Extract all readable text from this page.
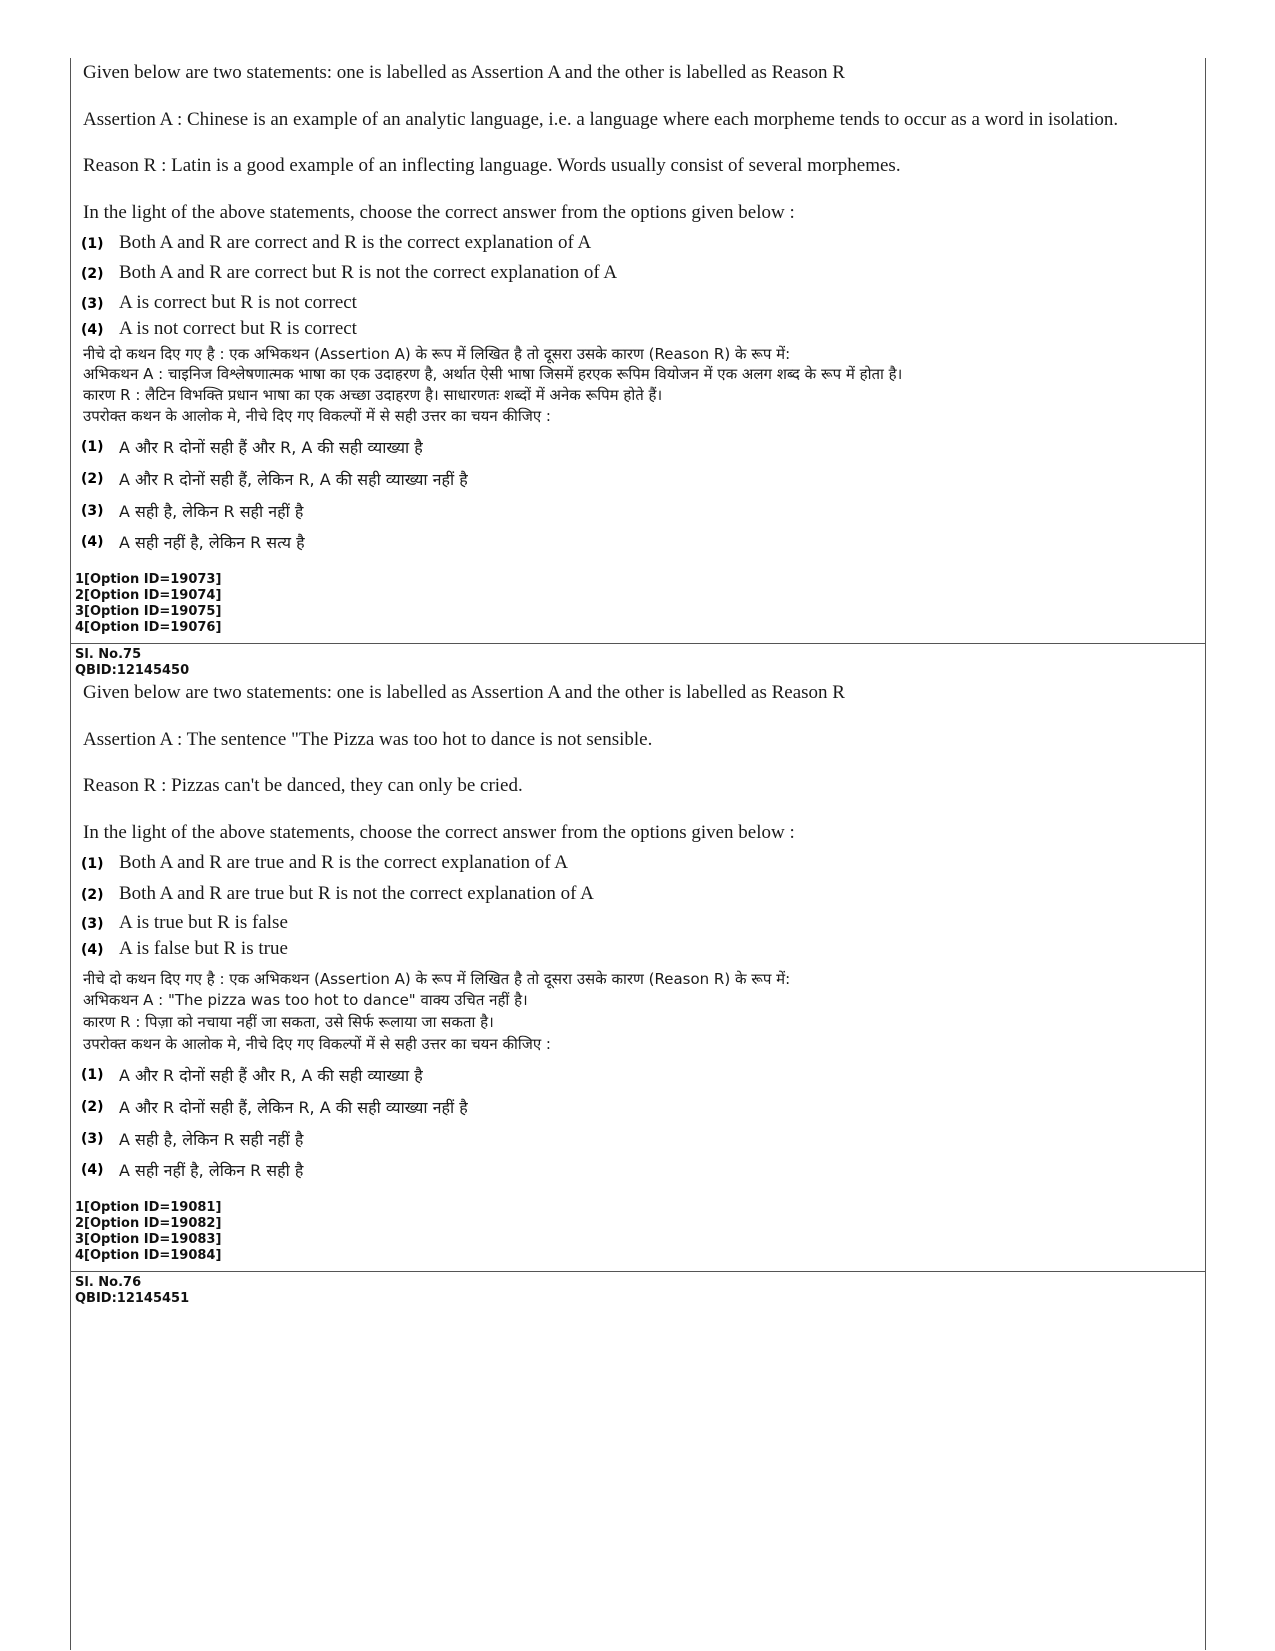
Given below are two statements: one is labelled as Assertion A and the other is labelled as Reason R
Assertion A : Chinese is an example of an analytic language, i.e. a language where each morpheme tends to occur as a word in isolation.
Reason R : Latin is a good example of an inflecting language. Words usually consist of several morphemes.
In the light of the above statements, choose the correct answer from the options given below :
(1) Both A and R are correct and R is the correct explanation of A
(2) Both A and R are correct but R is not the correct explanation of A
(3) A is correct but R is not correct
(4) A is not correct but R is correct
नीचे दो कथन दिए गए है : एक अभिकथन (Assertion A) के रूप में लिखित है तो दूसरा उसके कारण (Reason R) के रूप में:
अभिकथन A : चाइनिज विश्लेषणात्मक भाषा का एक उदाहरण है, अर्थात ऐसी भाषा जिसमें हरएक रूपिम वियोजन में एक अलग शब्द के रूप में होता है।
कारण R : लैटिन विभक्ति प्रधान भाषा का एक अच्छा उदाहरण है। साधारणतः शब्दों में अनेक रूपिम होते हैं।
उपरोक्त कथन के आलोक मे, नीचे दिए गए विकल्पों में से सही उत्तर का चयन कीजिए :
(1) A और R दोनों सही हैं और R, A की सही व्याख्या है
(2) A और R दोनों सही हैं, लेकिन R, A की सही व्याख्या नहीं है
(3) A सही है, लेकिन R सही नहीं है
(4) A सही नहीं है, लेकिन R सत्य है
1[Option ID=19073]
2[Option ID=19074]
3[Option ID=19075]
4[Option ID=19076]
Sl. No.75
QBID:12145450
Given below are two statements: one is labelled as Assertion A and the other is labelled as Reason R
Assertion A : The sentence "The Pizza was too hot to dance is not sensible.
Reason R : Pizzas can't be danced, they can only be cried.
In the light of the above statements, choose the correct answer from the options given below :
(1) Both A and R are true and R is the correct explanation of A
(2) Both A and R are true but R is not the correct explanation of A
(3) A is true but R is false
(4) A is false but R is true
नीचे दो कथन दिए गए है : एक अभिकथन (Assertion A) के रूप में लिखित है तो दूसरा उसके कारण (Reason R) के रूप में:
अभिकथन A : "The pizza was too hot to dance" वाक्य उचित नहीं है।
कारण R : पिज़ा को नचाया नहीं जा सकता, उसे सिर्फ रूलाया जा सकता है।
उपरोक्त कथन के आलोक मे, नीचे दिए गए विकल्पों में से सही उत्तर का चयन कीजिए :
(1) A और R दोनों सही हैं और R, A की सही व्याख्या है
(2) A और R दोनों सही हैं, लेकिन R, A की सही व्याख्या नहीं है
(3) A सही है, लेकिन R सही नहीं है
(4) A सही नहीं है, लेकिन R सही है
1[Option ID=19081]
2[Option ID=19082]
3[Option ID=19083]
4[Option ID=19084]
Sl. No.76
QBID:12145451
